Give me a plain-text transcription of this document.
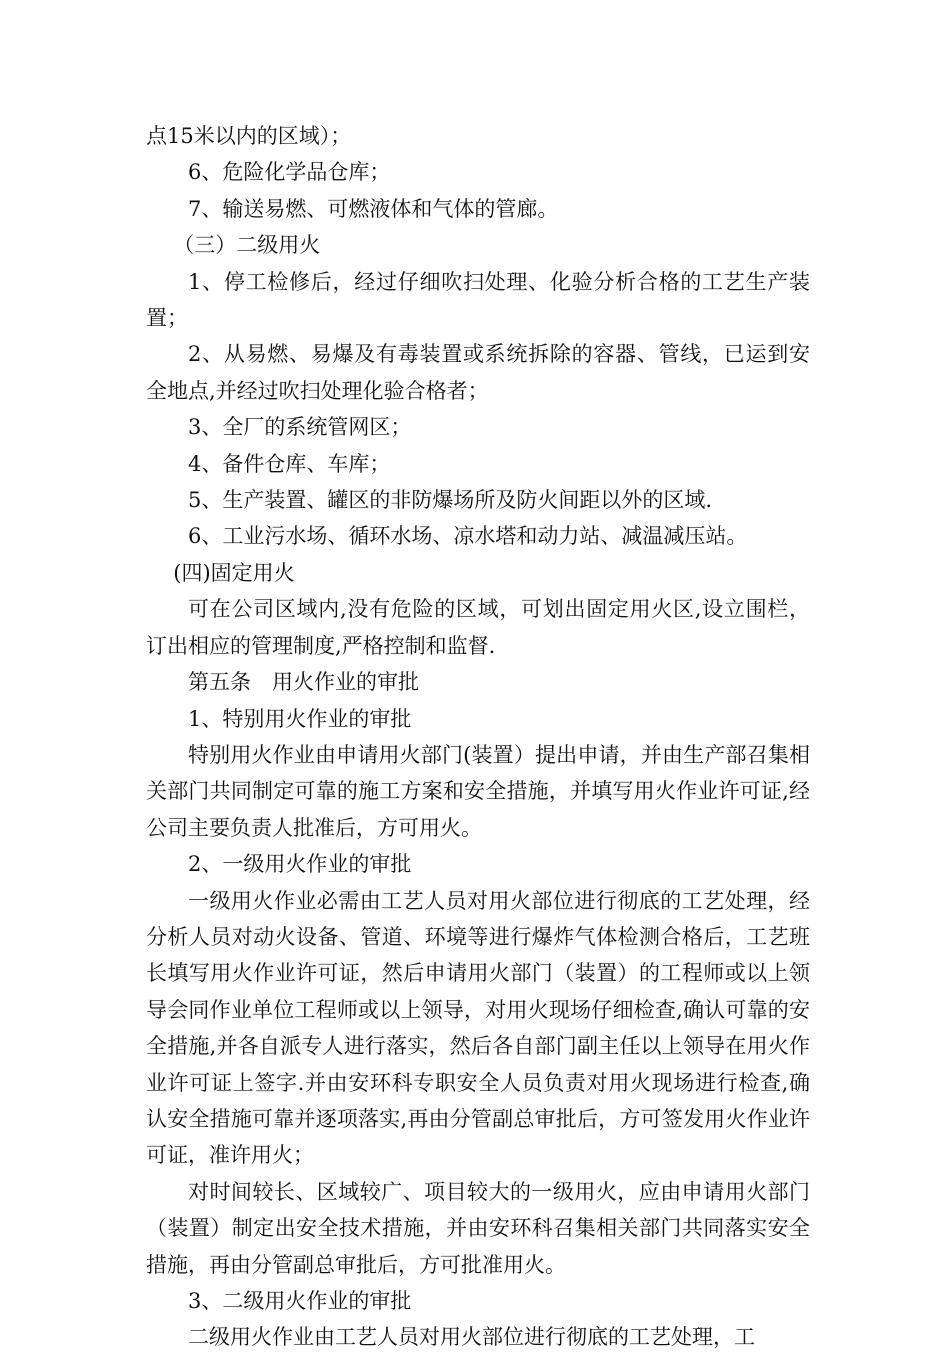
点15米以内的区域）；

6、危险化学品仓库；

7、输送易燃、可燃液体和气体的管廊。

（三）二级用火

1、停工检修后，经过仔细吹扫处理、化验分析合格的工艺生产装置；

2、从易燃、易爆及有毒装置或系统拆除的容器、管线，已运到安全地点,并经过吹扫处理化验合格者；

3、全厂的系统管网区；

4、备件仓库、车库；

5、生产装置、罐区的非防爆场所及防火间距以外的区域.

6、工业污水场、循环水场、凉水塔和动力站、减温减压站。

(四)固定用火

可在公司区域内,没有危险的区域，可划出固定用火区,设立围栏，订出相应的管理制度,严格控制和监督.

第五条　用火作业的审批

1、特别用火作业的审批

特别用火作业由申请用火部门(装置）提出申请，并由生产部召集相关部门共同制定可靠的施工方案和安全措施，并填写用火作业许可证,经公司主要负责人批准后，方可用火。

2、一级用火作业的审批

一级用火作业必需由工艺人员对用火部位进行彻底的工艺处理，经分析人员对动火设备、管道、环境等进行爆炸气体检测合格后，工艺班长填写用火作业许可证，然后申请用火部门（装置）的工程师或以上领导会同作业单位工程师或以上领导，对用火现场仔细检查,确认可靠的安全措施,并各自派专人进行落实，然后各自部门副主任以上领导在用火作业许可证上签字.并由安环科专职安全人员负责对用火现场进行检查,确认安全措施可靠并逐项落实,再由分管副总审批后，方可签发用火作业许可证，准许用火；

对时间较长、区域较广、项目较大的一级用火，应由申请用火部门（装置）制定出安全技术措施，并由安环科召集相关部门共同落实安全措施，再由分管副总审批后，方可批准用火。

3、二级用火作业的审批

二级用火作业由工艺人员对用火部位进行彻底的工艺处理，工
